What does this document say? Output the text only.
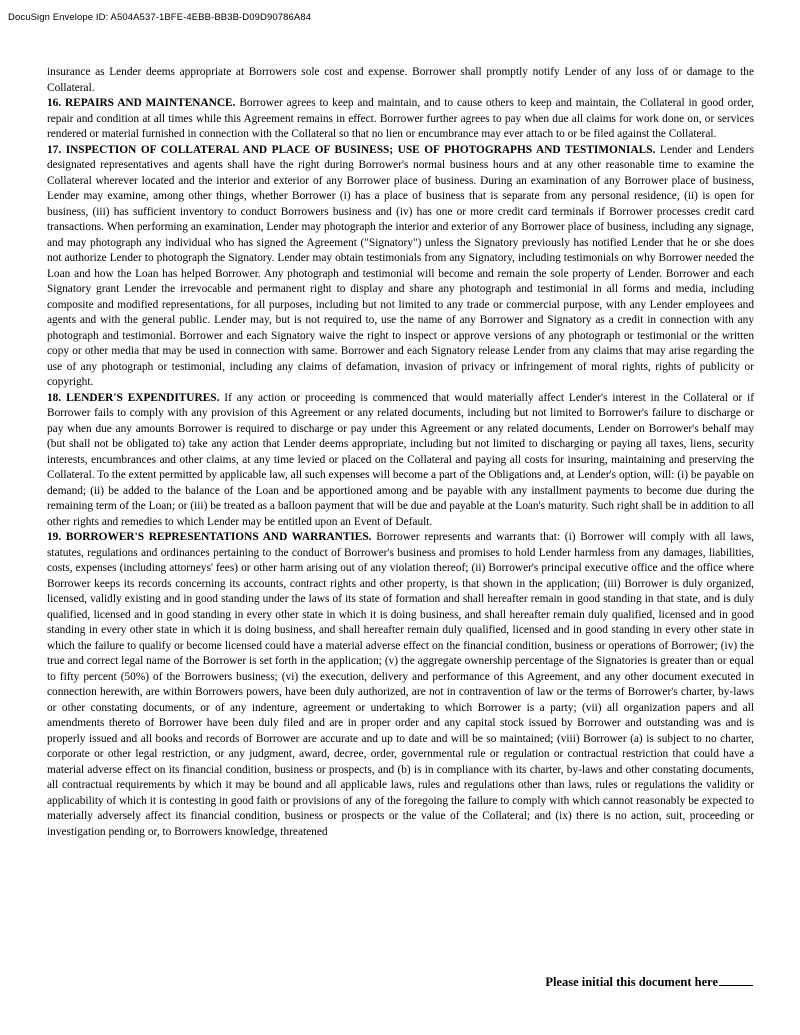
DocuSign Envelope ID: A504A537-1BFE-4EBB-BB3B-D09D90786A84

insurance as Lender deems appropriate at Borrowers sole cost and expense. Borrower shall promptly notify Lender of any loss of or damage to the Collateral.

16. REPAIRS AND MAINTENANCE. Borrower agrees to keep and maintain, and to cause others to keep and maintain, the Collateral in good order, repair and condition at all times while this Agreement remains in effect. Borrower further agrees to pay when due all claims for work done on, or services rendered or material furnished in connection with the Collateral so that no lien or encumbrance may ever attach to or be filed against the Collateral.

17. INSPECTION OF COLLATERAL AND PLACE OF BUSINESS; USE OF PHOTOGRAPHS AND TESTIMONIALS. Lender and Lenders designated representatives and agents shall have the right during Borrower's normal business hours and at any other reasonable time to examine the Collateral wherever located and the interior and exterior of any Borrower place of business. During an examination of any Borrower place of business, Lender may examine, among other things, whether Borrower (i) has a place of business that is separate from any personal residence, (ii) is open for business, (iii) has sufficient inventory to conduct Borrowers business and (iv) has one or more credit card terminals if Borrower processes credit card transactions. When performing an examination, Lender may photograph the interior and exterior of any Borrower place of business, including any signage, and may photograph any individual who has signed the Agreement ("Signatory") unless the Signatory previously has notified Lender that he or she does not authorize Lender to photograph the Signatory. Lender may obtain testimonials from any Signatory, including testimonials on why Borrower needed the Loan and how the Loan has helped Borrower. Any photograph and testimonial will become and remain the sole property of Lender. Borrower and each Signatory grant Lender the irrevocable and permanent right to display and share any photograph and testimonial in all forms and media, including composite and modified representations, for all purposes, including but not limited to any trade or commercial purpose, with any Lender employees and agents and with the general public. Lender may, but is not required to, use the name of any Borrower and Signatory as a credit in connection with any photograph and testimonial. Borrower and each Signatory waive the right to inspect or approve versions of any photograph or testimonial or the written copy or other media that may be used in connection with same. Borrower and each Signatory release Lender from any claims that may arise regarding the use of any photograph or testimonial, including any claims of defamation, invasion of privacy or infringement of moral rights, rights of publicity or copyright.

18. LENDER'S EXPENDITURES. If any action or proceeding is commenced that would materially affect Lender's interest in the Collateral or if Borrower fails to comply with any provision of this Agreement or any related documents, including but not limited to Borrower's failure to discharge or pay when due any amounts Borrower is required to discharge or pay under this Agreement or any related documents, Lender on Borrower's behalf may (but shall not be obligated to) take any action that Lender deems appropriate, including but not limited to discharging or paying all taxes, liens, security interests, encumbrances and other claims, at any time levied or placed on the Collateral and paying all costs for insuring, maintaining and preserving the Collateral. To the extent permitted by applicable law, all such expenses will become a part of the Obligations and, at Lender's option, will: (i) be payable on demand; (ii) be added to the balance of the Loan and be apportioned among and be payable with any installment payments to become due during the remaining term of the Loan; or (iii) be treated as a balloon payment that will be due and payable at the Loan's maturity. Such right shall be in addition to all other rights and remedies to which Lender may be entitled upon an Event of Default.

19. BORROWER'S REPRESENTATIONS AND WARRANTIES. Borrower represents and warrants that: (i) Borrower will comply with all laws, statutes, regulations and ordinances pertaining to the conduct of Borrower's business and promises to hold Lender harmless from any damages, liabilities, costs, expenses (including attorneys' fees) or other harm arising out of any violation thereof; (ii) Borrower's principal executive office and the office where Borrower keeps its records concerning its accounts, contract rights and other property, is that shown in the application; (iii) Borrower is duly organized, licensed, validly existing and in good standing under the laws of its state of formation and shall hereafter remain in good standing in that state, and is duly qualified, licensed and in good standing in every other state in which it is doing business, and shall hereafter remain duly qualified, licensed and in good standing in every other state in which it is doing business, and shall hereafter remain duly qualified, licensed and in good standing in every other state in which the failure to qualify or become licensed could have a material adverse effect on the financial condition, business or operations of Borrower; (iv) the true and correct legal name of the Borrower is set forth in the application; (v) the aggregate ownership percentage of the Signatories is greater than or equal to fifty percent (50%) of the Borrowers business; (vi) the execution, delivery and performance of this Agreement, and any other document executed in connection herewith, are within Borrowers powers, have been duly authorized, are not in contravention of law or the terms of Borrower's charter, by-laws or other constating documents, or of any indenture, agreement or undertaking to which Borrower is a party; (vii) all organization papers and all amendments thereto of Borrower have been duly filed and are in proper order and any capital stock issued by Borrower and outstanding was and is properly issued and all books and records of Borrower are accurate and up to date and will be so maintained; (viii) Borrower (a) is subject to no charter, corporate or other legal restriction, or any judgment, award, decree, order, governmental rule or regulation or contractual restriction that could have a material adverse effect on its financial condition, business or prospects, and (b) is in compliance with its charter, by-laws and other constating documents, all contractual requirements by which it may be bound and all applicable laws, rules and regulations other than laws, rules or regulations the validity or applicability of which it is contesting in good faith or provisions of any of the foregoing the failure to comply with which cannot reasonably be expected to materially adversely affect its financial condition, business or prospects or the value of the Collateral; and (ix) there is no action, suit, proceeding or investigation pending or, to Borrowers knowledge, threatened

Please initial this document here
